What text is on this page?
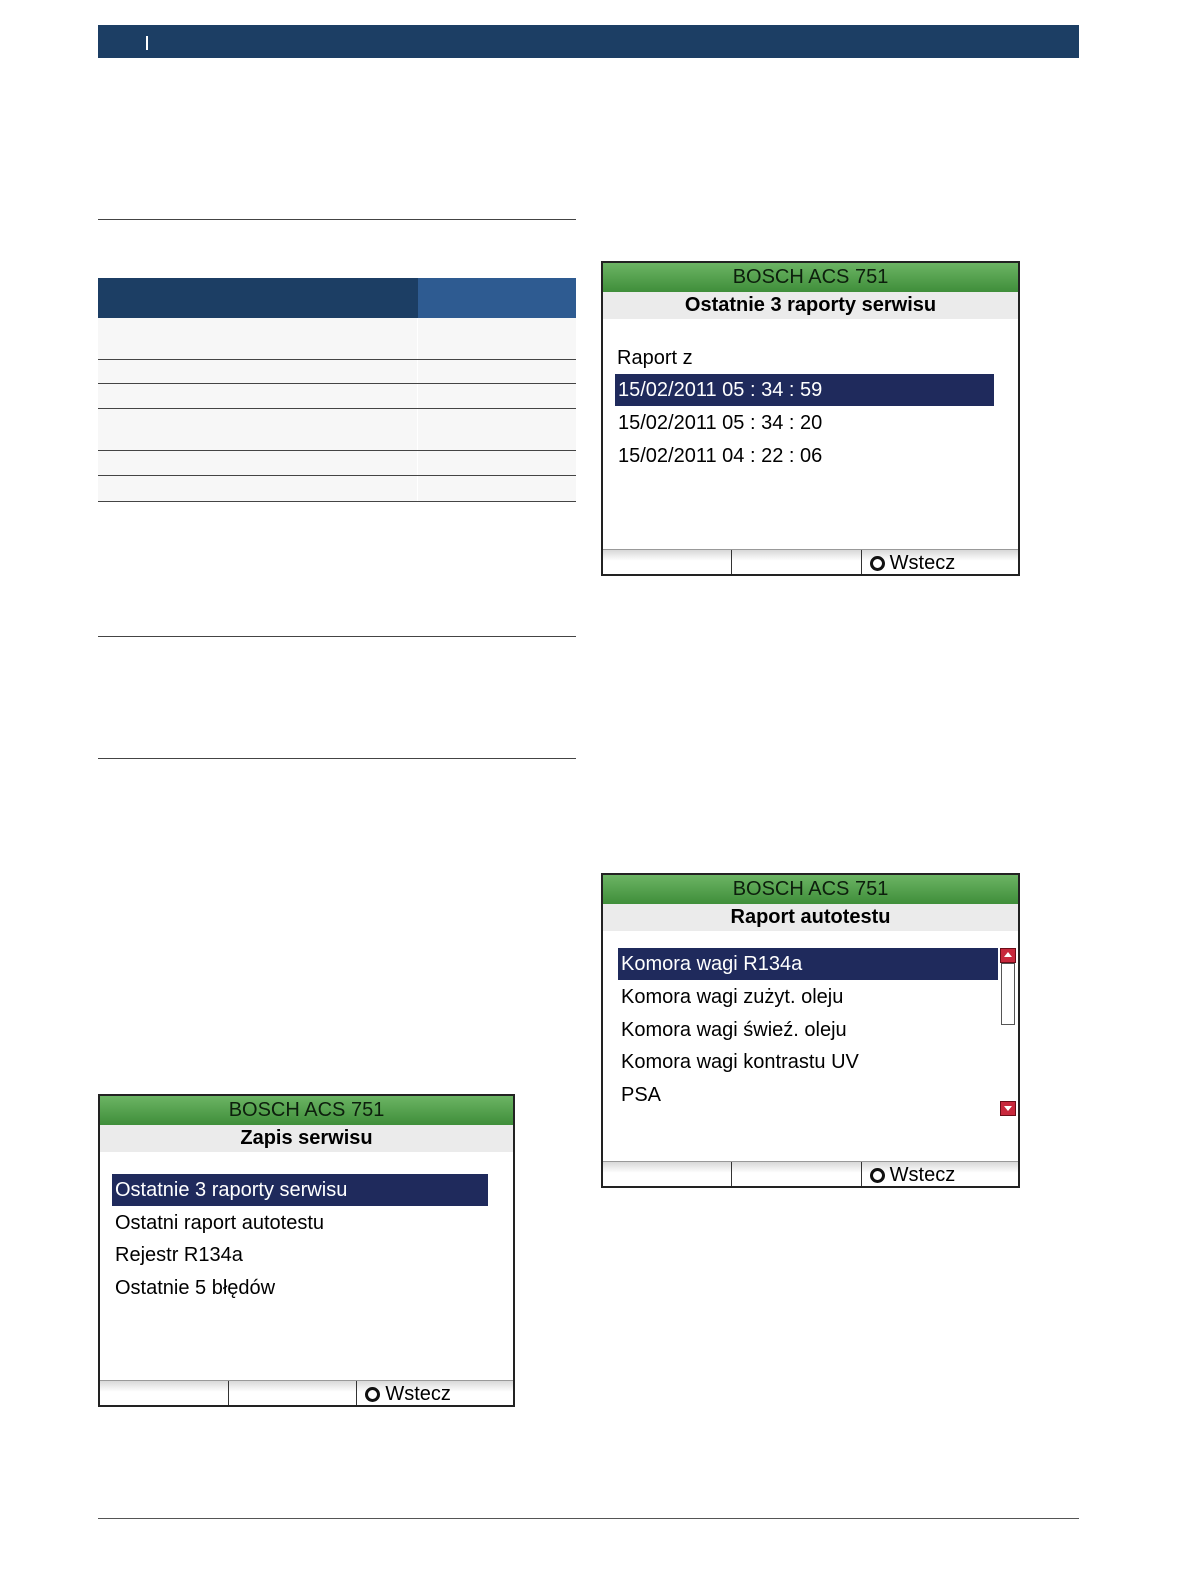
BOSCH ACS 751
Ostatnie 3 raporty serwisu
Raport z
15/02/2011 05 : 34 : 59
15/02/2011 05 : 34 : 20
15/02/2011 04 : 22 : 06
Wstecz
BOSCH ACS 751
Raport autotestu
Komora wagi R134a
Komora wagi zużyt. oleju
Komora wagi świeź. oleju
Komora wagi kontrastu UV
PSA
Wstecz
BOSCH ACS 751
Zapis serwisu
Ostatnie 3 raporty serwisu
Ostatni raport autotestu
Rejestr R134a
Ostatnie 5 błędów
Wstecz
